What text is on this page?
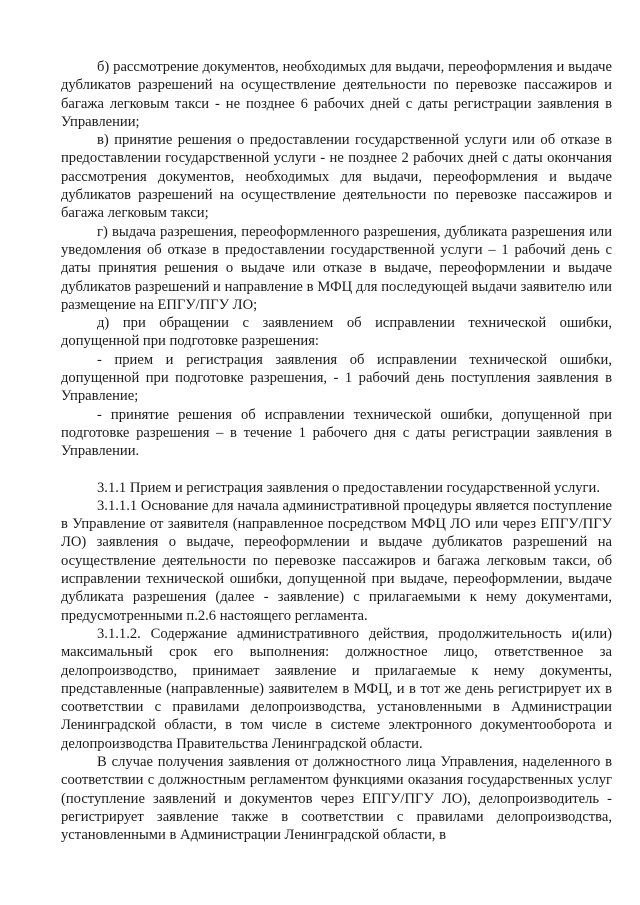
б) рассмотрение документов, необходимых для выдачи, переоформления и выдаче дубликатов разрешений на осуществление деятельности по перевозке пассажиров и багажа легковым такси - не позднее 6 рабочих дней с даты регистрации заявления в Управлении;

в) принятие решения о предоставлении государственной услуги или об отказе в предоставлении государственной услуги - не позднее 2 рабочих дней с даты окончания рассмотрения документов, необходимых для выдачи, переоформления и выдаче дубликатов разрешений на осуществление деятельности по перевозке пассажиров и багажа легковым такси;

г) выдача разрешения, переоформленного разрешения, дубликата разрешения или уведомления об отказе в предоставлении государственной услуги – 1 рабочий день с даты принятия решения о выдаче или отказе в выдаче, переоформлении и выдаче дубликатов разрешений и направление в МФЦ для последующей выдачи заявителю или размещение на ЕПГУ/ПГУ ЛО;

д) при обращении с заявлением об исправлении технической ошибки, допущенной при подготовке разрешения:

- прием и регистрация заявления об исправлении технической ошибки, допущенной при подготовке разрешения, - 1 рабочий день поступления заявления в Управление;

- принятие решения об исправлении технической ошибки, допущенной при подготовке разрешения – в течение 1 рабочего дня с даты регистрации заявления в Управлении.

3.1.1 Прием и регистрация заявления о предоставлении государственной услуги.

3.1.1.1 Основание для начала административной процедуры является поступление в Управление от заявителя (направленное посредством МФЦ ЛО или через ЕПГУ/ПГУ ЛО) заявления о выдаче, переоформлении и выдаче дубликатов разрешений на осуществление деятельности по перевозке пассажиров и багажа легковым такси, об исправлении технической ошибки, допущенной при выдаче, переоформлении, выдаче дубликата разрешения (далее - заявление) с прилагаемыми к нему документами, предусмотренными п.2.6 настоящего регламента.

3.1.1.2. Содержание административного действия, продолжительность и(или) максимальный срок его выполнения: должностное лицо, ответственное за делопроизводство, принимает заявление и прилагаемые к нему документы, представленные (направленные) заявителем в МФЦ, и в тот же день регистрирует их в соответствии с правилами делопроизводства, установленными в Администрации Ленинградской области, в том числе в системе электронного документооборота и делопроизводства Правительства Ленинградской области.

В случае получения заявления от должностного лица Управления, наделенного в соответствии с должностным регламентом функциями оказания государственных услуг (поступление заявлений и документов через ЕПГУ/ПГУ ЛО), делопроизводитель - регистрирует заявление также в соответствии с правилами делопроизводства, установленными в Администрации Ленинградской области, в
